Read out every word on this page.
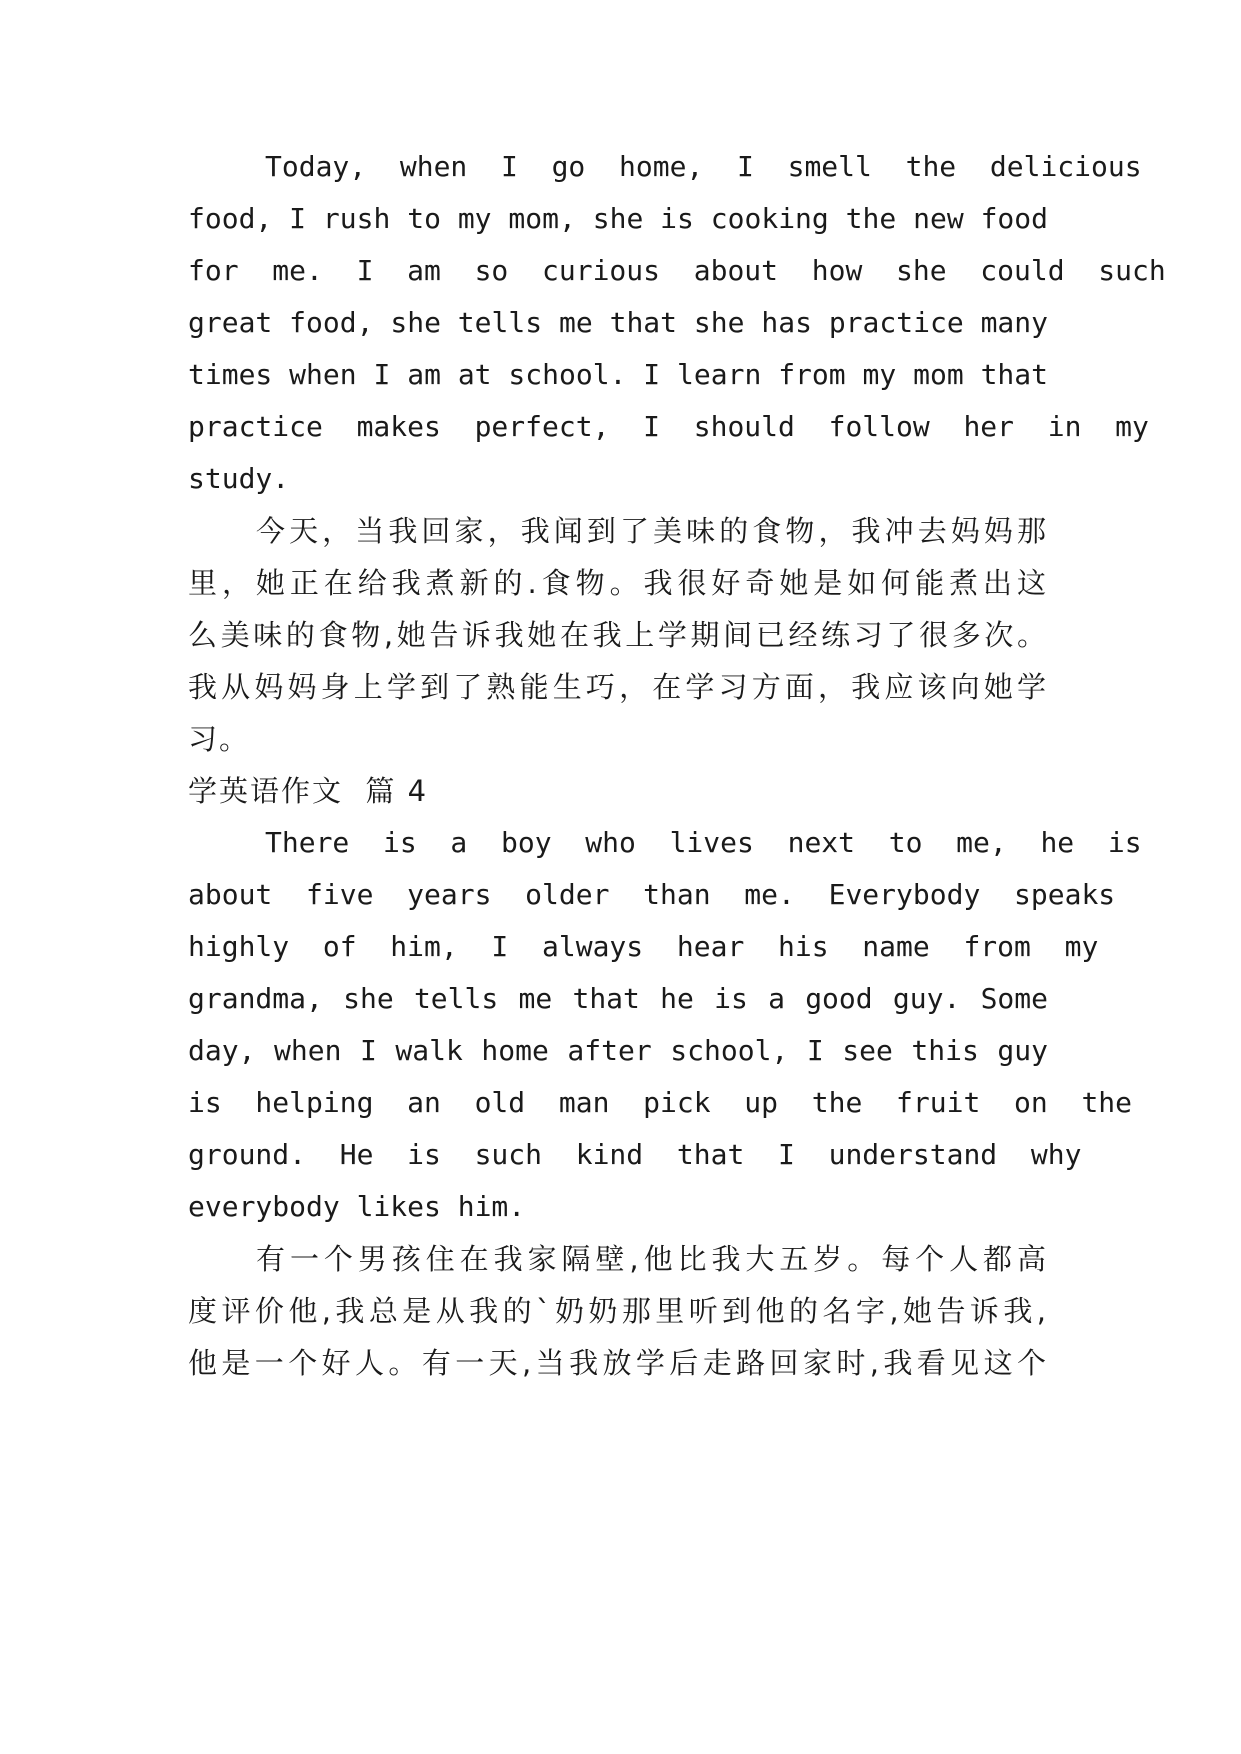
Today,  when  I  go  home,  I  smell  the  delicious
food, I rush to my mom, she is cooking the new food
for  me.  I  am  so  curious  about  how  she  could  such
great food, she tells me that she has practice many
times when I am at school. I learn from my mom that
practice  makes  perfect,  I  should  follow  her  in  my
study.
今天，当我回家，我闻到了美味的食物，我冲去妈妈那
里，她正在给我煮新的.食物。我很好奇她是如何能煮出这
么美味的食物,她告诉我她在我上学期间已经练习了很多次。
我从妈妈身上学到了熟能生巧，在学习方面，我应该向她学
习。
学英语作文  篇 4
There  is  a  boy  who  lives  next  to  me,  he  is
about  five  years  older  than  me.  Everybody  speaks
highly  of  him,  I  always  hear  his  name  from  my
grandma, she tells me that he is a good guy. Some
day, when I walk home after school, I see this guy
is  helping  an  old  man  pick  up  the  fruit  on  the
ground.  He  is  such  kind  that  I  understand  why
everybody likes him.
有一个男孩住在我家隔壁,他比我大五岁。每个人都高
度评价他,我总是从我的`奶奶那里听到他的名字,她告诉我,
他是一个好人。有一天,当我放学后走路回家时,我看见这个
